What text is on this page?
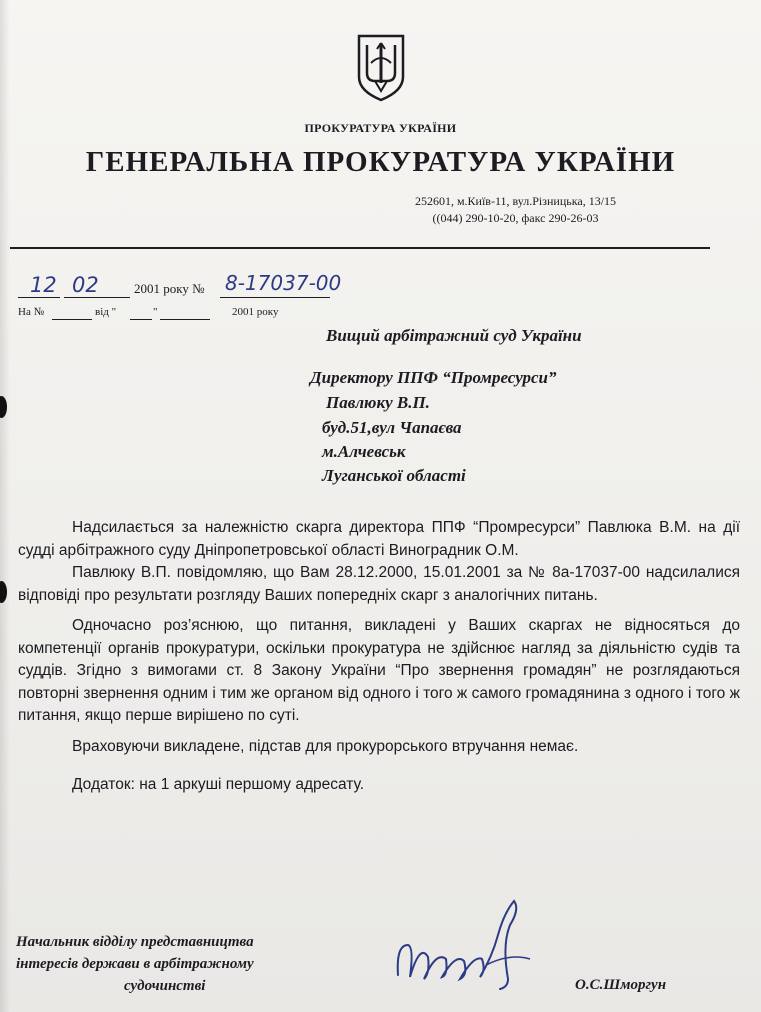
ПРОКУРАТУРА УКРАЇНИ
ГЕНЕРАЛЬНА ПРОКУРАТУРА УКРАЇНИ
252601, м.Київ-11, вул.Різницька, 13/15
((044) 290-10-20, факс 290-26-03
12 02	2001 року № 8-17037-00
На №	від "	"	2001 року
Вищий арбітражний суд України
Директору ППФ “Промресурси”
Павлюку В.П.
буд.51,вул Чапаєва
м.Алчевськ
Луганської області

Надсилається за належністю скарга директора ППФ “Промресурси” Павлюка В.М. на дії судді арбітражного суду Дніпропетровської області Виноградник О.М.

Павлюку В.П. повідомляю, що Вам 28.12.2000, 15.01.2001 за № 8а-17037-00 надсилалися відповіді про результати розгляду Ваших попередніх скарг з аналогічних питань.

Одночасно роз’яснюю, що питання, викладені у Ваших скаргах не відносяться до компетенції органів прокуратури, оскільки прокуратура не здійснює нагляд за діяльністю судів та суддів. Згідно з вимогами ст. 8 Закону України “Про звернення громадян” не розглядаються повторні звернення одним і тим же органом від одного і того ж самого громадянина з одного і того ж питання, якщо перше вирішено по суті.

Враховуючи викладене, підстав для прокурорського втручання немає.

Додаток: на 1 аркуші першому адресату.

Начальник відділу представництва
інтересів держави в арбітражному
судочинстві	О.С.Шморгун
